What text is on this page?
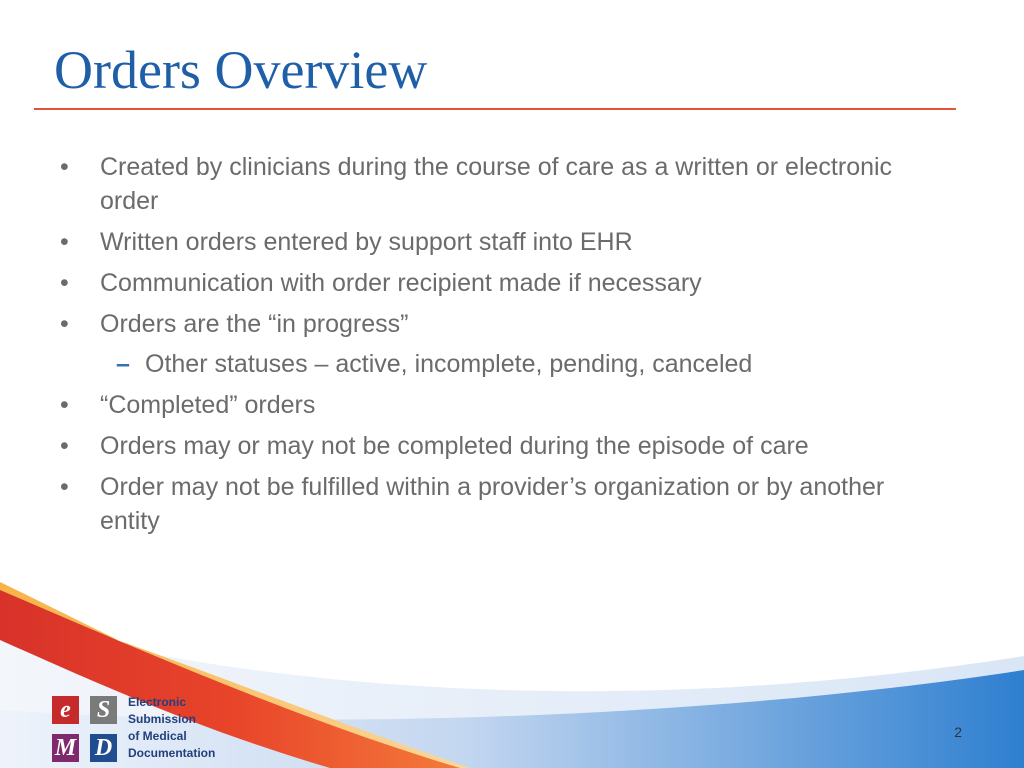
Orders Overview
•	Created by clinicians during the course of care as a written or electronic order
•	Written orders entered by support staff into EHR
•	Communication with order recipient made if necessary
•	Orders are the “in progress”
– Other statuses – active, incomplete, pending, canceled
•	“Completed” orders
•	Orders may or may not be completed during the episode of care
•	Order may not be fulfilled within a provider’s organization or by another entity
e	S
M D
Electronic
Submission
of Medical
Documentation
2
